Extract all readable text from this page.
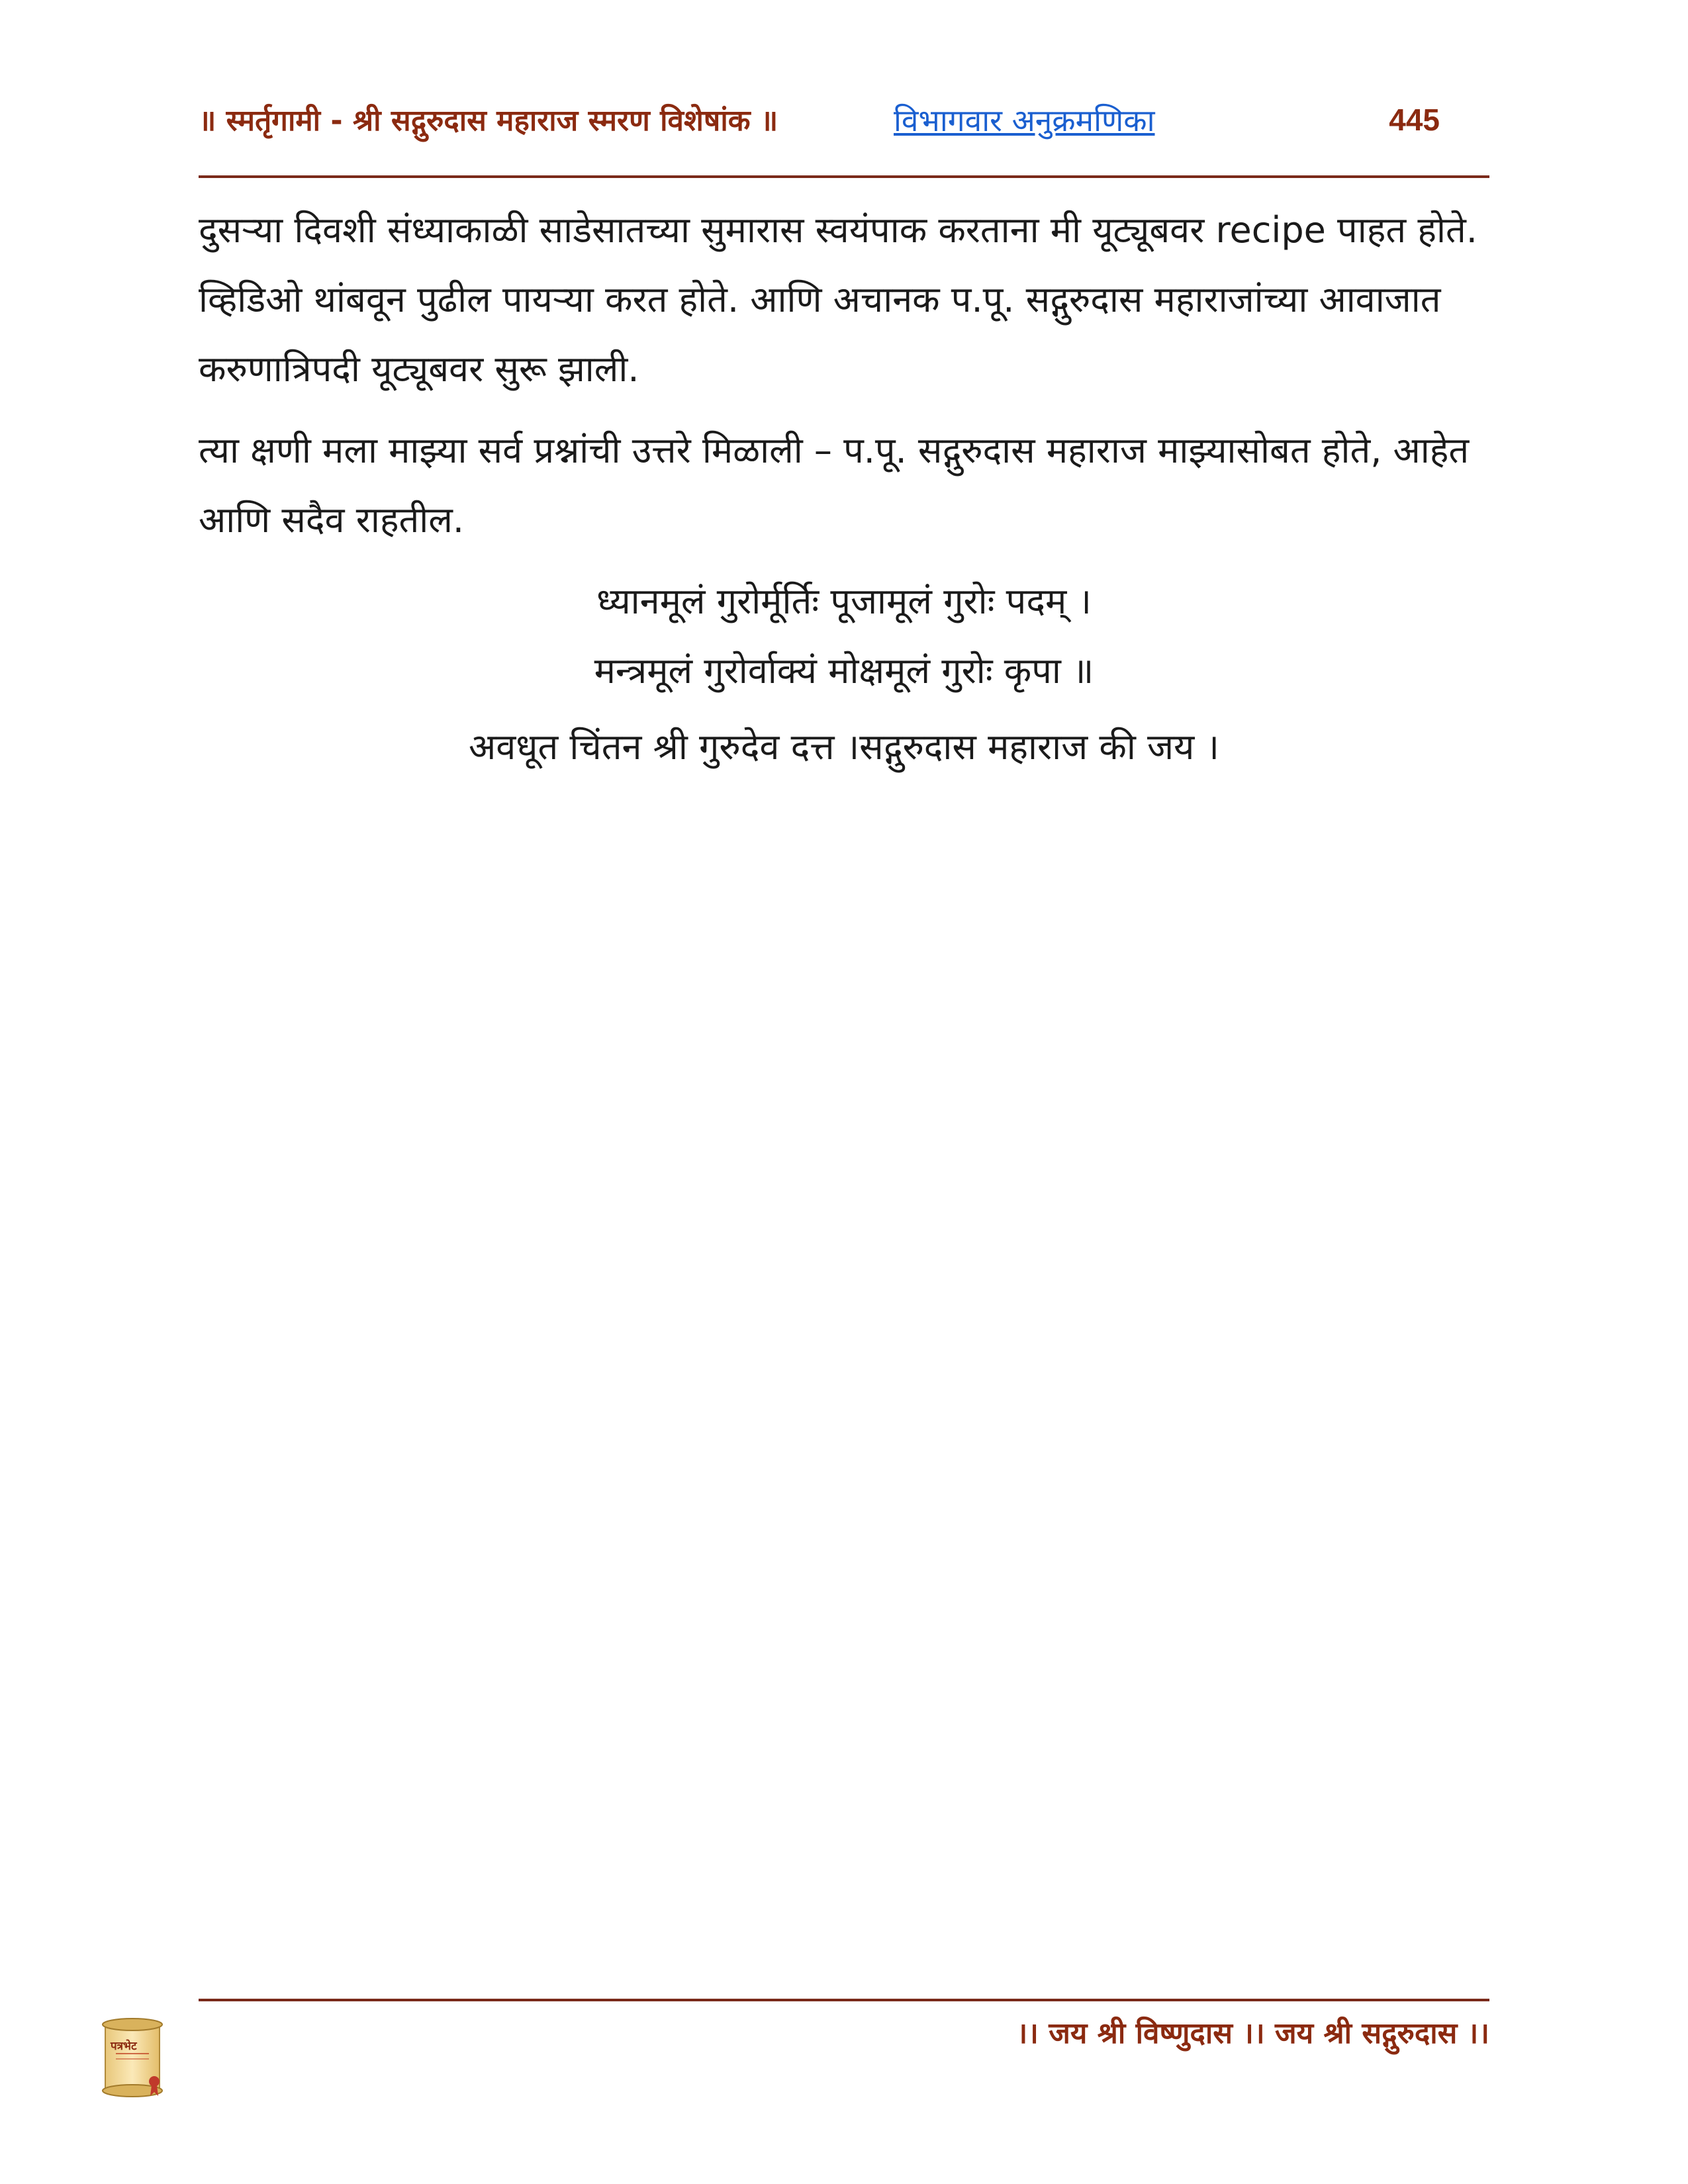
॥ स्मर्तृगामी - श्री सद्गुरुदास महाराज स्मरण विशेषांक ॥	विभागवार अनुक्रमणिका	445

दुसऱ्या दिवशी संध्याकाळी साडेसातच्या सुमारास स्वयंपाक करताना मी यूट्यूबवर recipe पाहत होते. व्हिडिओ थांबवून पुढील पायऱ्या करत होते. आणि अचानक प.पू. सद्गुरुदास महाराजांच्या आवाजात करुणात्रिपदी यूट्यूबवर सुरू झाली.

त्या क्षणी मला माझ्या सर्व प्रश्नांची उत्तरे मिळाली – प.पू. सद्गुरुदास महाराज माझ्यासोबत होते, आहेत आणि सदैव राहतील.

ध्यानमूलं गुरोर्मूर्तिः पूजामूलं गुरोः पदम् ।

मन्त्रमूलं गुरोर्वाक्यं मोक्षमूलं गुरोः कृपा ॥

अवधूत चिंतन श्री गुरुदेव दत्त ।सद्गुरुदास महाराज की जय ।

पत्रभेट	।। जय श्री विष्णुदास ।। जय श्री सद्गुरुदास ।।
